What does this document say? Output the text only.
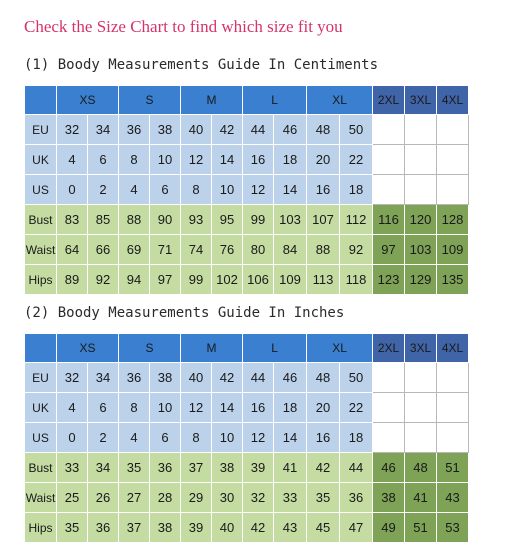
Check the Size Chart to find which size fit you
(1) Boody Measurements Guide In Centiments
	XS		S		M		L		XL		2XL	3XL	4XL
EU	32	34	36	38	40	42	44	46	48	50			
UK	4	6	8	10	12	14	16	18	20	22			
US	0	2	4	6	8	10	12	14	16	18			
Bust	83	85	88	90	93	95	99	103	107	112	116	120	128
Waist	64	66	69	71	74	76	80	84	88	92	97	103	109
Hips	89	92	94	97	99	102	106	109	113	118	123	129	135
(2) Boody Measurements Guide In Inches
	XS		S		M		L		XL		2XL	3XL	4XL
EU	32	34	36	38	40	42	44	46	48	50			
UK	4	6	8	10	12	14	16	18	20	22			
US	0	2	4	6	8	10	12	14	16	18			
Bust	33	34	35	36	37	38	39	41	42	44	46	48	51
Waist	25	26	27	28	29	30	32	33	35	36	38	41	43
Hips	35	36	37	38	39	40	42	43	45	47	49	51	53
